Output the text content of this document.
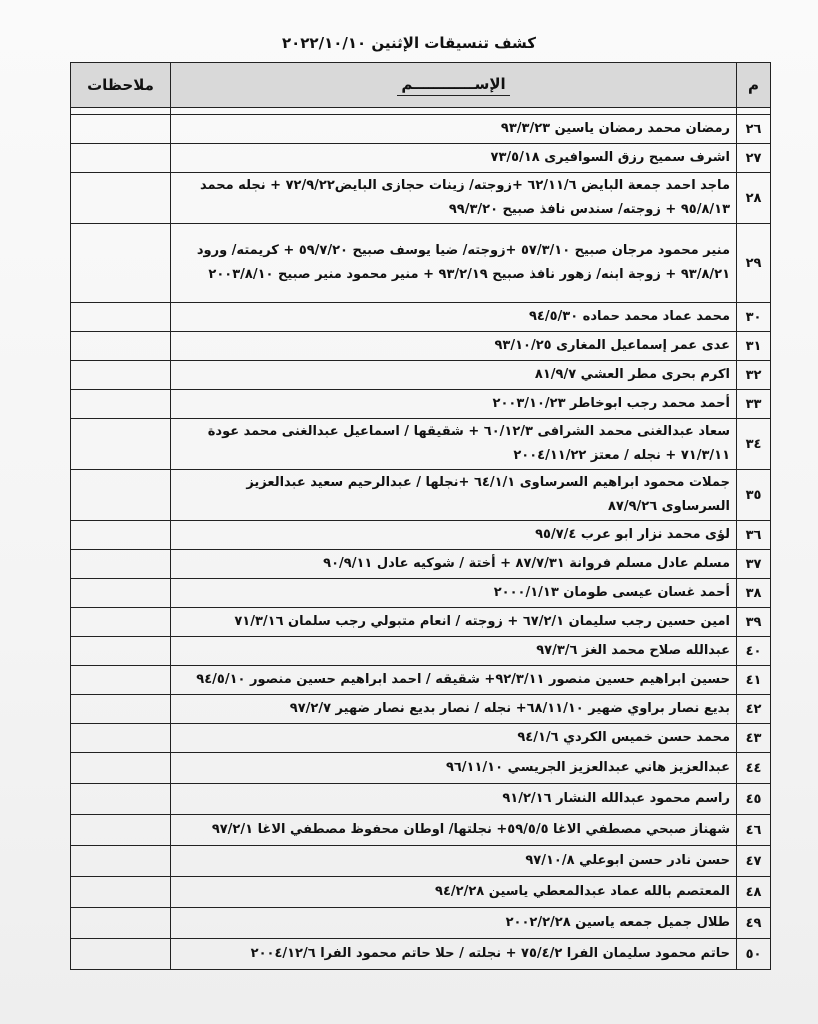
كشف تنسيقات الإثنين ٢٠٢٢/١٠/١٠
م	الإســــــــــــم	ملاحظات

٢٦	رمضان محمد رمضان ياسين ٩٣/٣/٢٣	
٢٧	اشرف سميح رزق السوافيرى ٧٣/٥/١٨	
٢٨	ماجد احمد جمعة البايض ٦٢/١١/٦ +زوجته/ زينات حجازى البايض٧٢/٩/٢٢ + نجله محمد ٩٥/٨/١٣ + زوجته/ سندس نافذ صبيح ٩٩/٣/٢٠	
٢٩	منير محمود مرجان صبيح ٥٧/٣/١٠ +زوجته/ ضيا يوسف صبيح ٥٩/٧/٢٠ + كريمته/ ورود ٩٣/٨/٢١ + زوجة ابنه/ زهور نافذ صبيح ٩٣/٢/١٩ + منير محمود منير صبيح ٢٠٠٣/٨/١٠	
٣٠	محمد عماد محمد حماده ٩٤/٥/٣٠	
٣١	عدى عمر إسماعيل المغارى ٩٣/١٠/٢٥	
٣٢	اكرم بحرى مطر العشي ٨١/٩/٧	
٣٣	أحمد محمد رجب ابوخاطر ٢٠٠٣/١٠/٢٣	
٣٤	سعاد عبدالغنى محمد الشرافى ٦٠/١٢/٣ + شقيقها / اسماعيل عبدالغنى محمد عودة ٧١/٣/١١ + نجله / معتز ٢٠٠٤/١١/٢٢	
٣٥	جملات محمود ابراهيم السرساوى ٦٤/١/١ +نجلها / عبدالرحيم سعيد عبدالعزيز السرساوى ٨٧/٩/٢٦	
٣٦	لؤى محمد نزار ابو عرب ٩٥/٧/٤	
٣٧	مسلم عادل مسلم فروانة ٨٧/٧/٣١ + أختة / شوكيه عادل ٩٠/٩/١١	
٣٨	أحمد غسان عيسى طومان ٢٠٠٠/١/١٣	
٣٩	امين حسين رجب سليمان ٦٧/٢/١ + زوجته / انعام متبولي رجب سلمان ٧١/٣/١٦	
٤٠	عبدالله صلاح محمد الغز ٩٧/٣/٦	
٤١	حسين ابراهيم حسين منصور ٩٢/٣/١١+ شقيقه / احمد ابراهيم حسين منصور ٩٤/٥/١٠	
٤٢	بديع نصار براوي ضهير ٦٨/١١/١٠+ نجله / نصار بديع نصار ضهير ٩٧/٢/٧	
٤٣	محمد حسن خميس الكردي ٩٤/١/٦	
٤٤	عبدالعزيز هاني عبدالعزيز الجريسي ٩٦/١١/١٠	
٤٥	راسم محمود عبدالله النشار ٩١/٢/١٦	
٤٦	شهناز صبحي مصطفي الاغا ٥٩/٥/٥+ نجلتها/ اوطان محفوظ مصطفي الاغا ٩٧/٢/١	
٤٧	حسن نادر حسن ابوعلي ٩٧/١٠/٨	
٤٨	المعتصم بالله عماد عبدالمعطي ياسين ٩٤/٢/٢٨	
٤٩	طلال جميل جمعه ياسين ٢٠٠٢/٢/٢٨	
٥٠	حاتم محمود سليمان الفرا ٧٥/٤/٢ + نجلته / حلا حاتم محمود الفرا ٢٠٠٤/١٢/٦	
